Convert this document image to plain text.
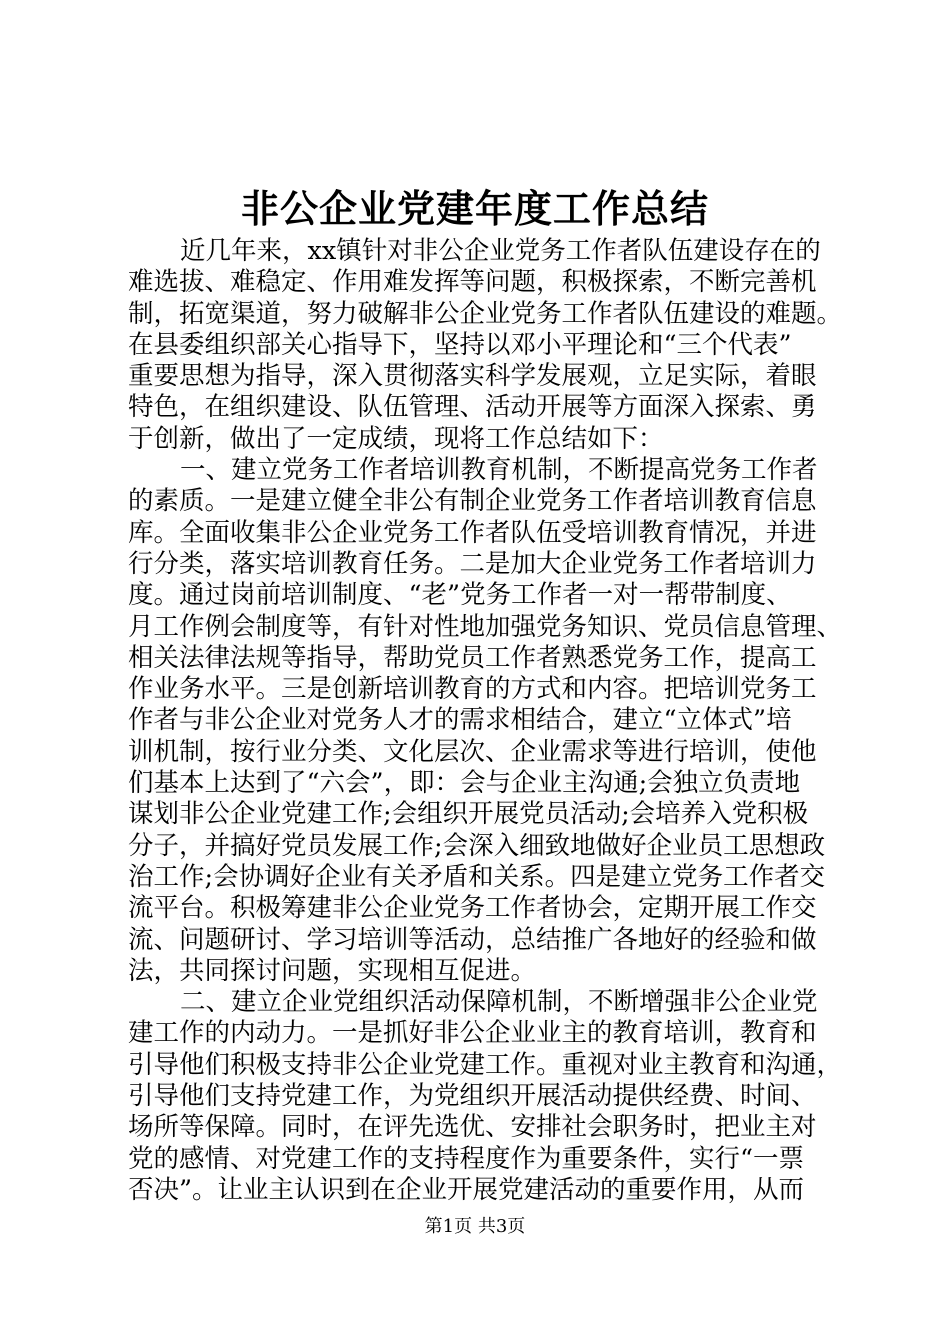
非公企业党建年度工作总结
近几年来，xx镇针对非公企业党务工作者队伍建设存在的
难选拔、难稳定、作用难发挥等问题，积极探索，不断完善机
制，拓宽渠道，努力破解非公企业党务工作者队伍建设的难题。
在县委组织部关心指导下，坚持以邓小平理论和“三个代表”
重要思想为指导，深入贯彻落实科学发展观，立足实际，着眼
特色，在组织建设、队伍管理、活动开展等方面深入探索、勇
于创新，做出了一定成绩，现将工作总结如下：
一、建立党务工作者培训教育机制，不断提高党务工作者
的素质。一是建立健全非公有制企业党务工作者培训教育信息
库。全面收集非公企业党务工作者队伍受培训教育情况，并进
行分类，落实培训教育任务。二是加大企业党务工作者培训力
度。通过岗前培训制度、“老”党务工作者一对一帮带制度、
月工作例会制度等，有针对性地加强党务知识、党员信息管理、
相关法律法规等指导，帮助党员工作者熟悉党务工作，提高工
作业务水平。三是创新培训教育的方式和内容。把培训党务工
作者与非公企业对党务人才的需求相结合，建立“立体式”培
训机制，按行业分类、文化层次、企业需求等进行培训，使他
们基本上达到了“六会”，即：会与企业主沟通;会独立负责地
谋划非公企业党建工作;会组织开展党员活动;会培养入党积极
分子，并搞好党员发展工作;会深入细致地做好企业员工思想政
治工作;会协调好企业有关矛盾和关系。四是建立党务工作者交
流平台。积极筹建非公企业党务工作者协会，定期开展工作交
流、问题研讨、学习培训等活动，总结推广各地好的经验和做
法，共同探讨问题，实现相互促进。
二、建立企业党组织活动保障机制，不断增强非公企业党
建工作的内动力。一是抓好非公企业业主的教育培训，教育和
引导他们积极支持非公企业党建工作。重视对业主教育和沟通，
引导他们支持党建工作，为党组织开展活动提供经费、时间、
场所等保障。同时，在评先选优、安排社会职务时，把业主对
党的感情、对党建工作的支持程度作为重要条件，实行“一票
否决”。让业主认识到在企业开展党建活动的重要作用，从而
第1页 共3页
